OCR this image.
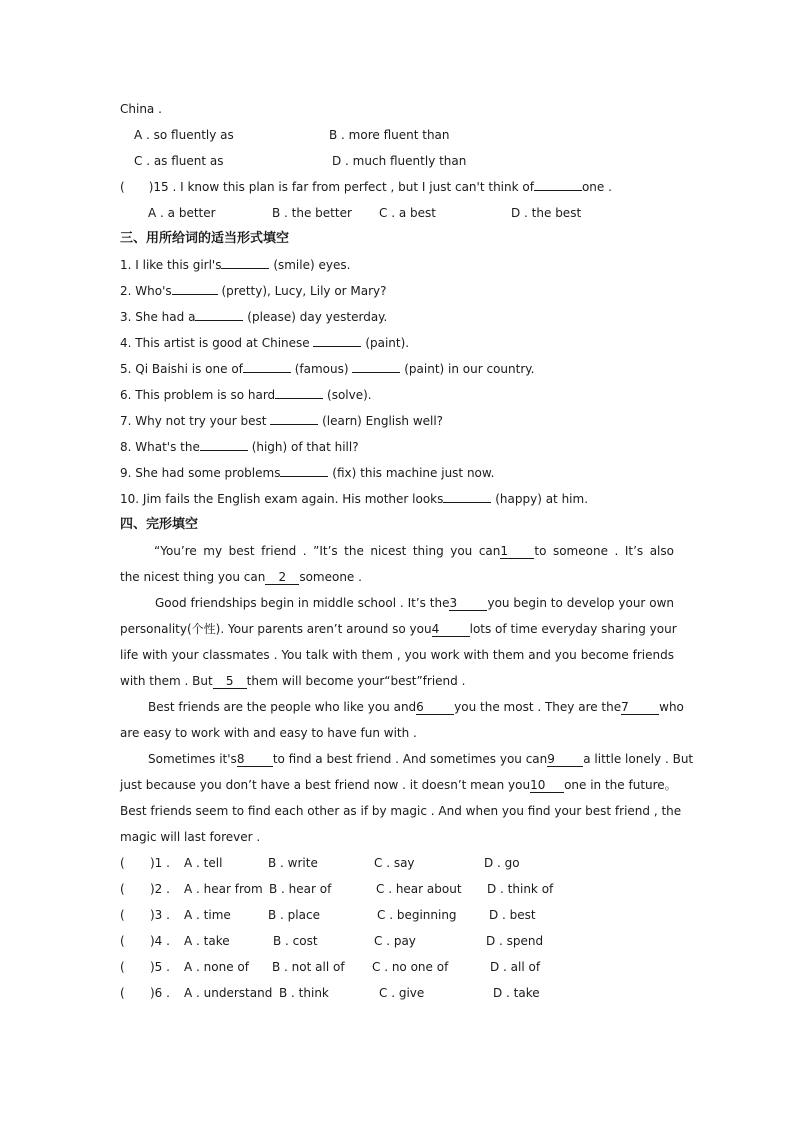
China .
A . so fluently as	B . more fluent than
C . as fluent as	D . much fluently than
( )15 . I know this plan is far from perfect , but I just can't think of	one .
A . a better	B . the better C . a best	D . the best
三、用所给词的适当形式填空
1. I like this girl's	(smile) eyes.
2. Who's	(pretty), Lucy, Lily or Mary?
3. She had a	(please) day yesterday.
4. This artist is good at Chinese	(paint).
5. Qi Baishi is one of	(famous)	(paint) in our country.
6. This problem is so hard	(solve).
7. Why not try your best	(learn) English well?
8. What's the	(high) of that hill?
9. She had some problems	(fix) this machine just now.
10. Jim fails the English exam again. His mother looks	(happy) at him.
四、完形填空
“You’re my best friend . ”It’s the nicest thing you can1 to someone . It’s also
the nicest thing you can 2 someone .
Good friendships begin in middle school . It’s the3	you begin to develop your own
personality(个性). Your parents aren’t around so you4	lots of time everyday sharing your
life with your classmates . You talk with them , you work with them and you become friends
with them . But 5 them will become your“best”friend .
Best friends are the people who like you and6	you the most . They are the7	who
are easy to work with and easy to have fun with .
Sometimes it's8 to find a best friend . And sometimes you can9 a little lonely . But
just because you don’t have a best friend now . it doesn’t mean you10 one in the future。
Best friends seem to find each other as if by magic . And when you find your best friend , the
magic will last forever .
( )1 . A . tell	B . write	C . say	D . go
( )2 . A . hear from B . hear of	C . hear about D . think of
( )3 . A . time	B . place	C . beginning	D . best
( )4 . A . take	B . cost	C . pay	D . spend
( )5 . A . none of B . not all of C . no one of	D . all of
( )6 . A . understand B . think	C . give	D . take
